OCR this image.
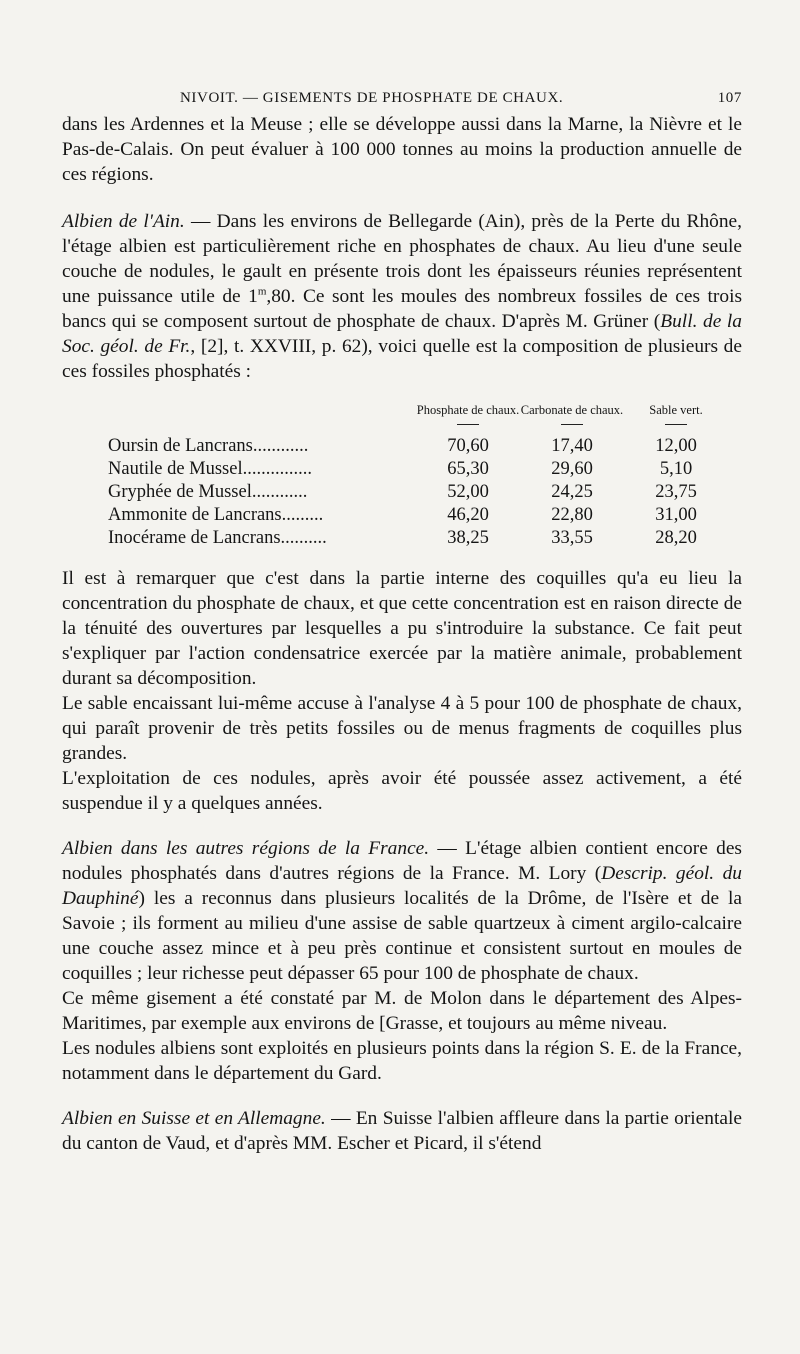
NIVOIT. — GISEMENTS DE PHOSPHATE DE CHAUX.	107

dans les Ardennes et la Meuse ; elle se développe aussi dans la Marne, la Nièvre et le Pas-de-Calais. On peut évaluer à 100 000 tonnes au moins la production annuelle de ces régions.

Albien de l'Ain. — Dans les environs de Bellegarde (Ain), près de la Perte du Rhône, l'étage albien est particulièrement riche en phosphates de chaux. Au lieu d'une seule couche de nodules, le gault en présente trois dont les épaisseurs réunies représentent une puissance utile de 1$^m$,80. Ce sont les moules des nombreux fossiles de ces trois bancs qui se composent surtout de phosphate de chaux. D'après M. Grüner (Bull. de la Soc. géol. de Fr., [2], t. XXVIII, p. 62), voici quelle est la composition de plusieurs de ces fossiles phosphatés :

	Phosphate de chaux.	Carbonate de chaux.	Sable vert.

Oursin de Lancrans............	70,60	17,40	12,00
Nautile de Mussel...............	65,30	29,60	5,10
Gryphée de Mussel............	52,00	24,25	23,75
Ammonite de Lancrans.........	46,20	22,80	31,00
Inocérame de Lancrans..........	38,25	33,55	28,20

Il est à remarquer que c'est dans la partie interne des coquilles qu'a eu lieu la concentration du phosphate de chaux, et que cette concentration est en raison directe de la ténuité des ouvertures par lesquelles a pu s'introduire la substance. Ce fait peut s'expliquer par l'action condensatrice exercée par la matière animale, probablement durant sa décomposition.

Le sable encaissant lui-même accuse à l'analyse 4 à 5 pour 100 de phosphate de chaux, qui paraît provenir de très petits fossiles ou de menus fragments de coquilles plus grandes.

L'exploitation de ces nodules, après avoir été poussée assez activement, a été suspendue il y a quelques années.

Albien dans les autres régions de la France. — L'étage albien contient encore des nodules phosphatés dans d'autres régions de la France. M. Lory (Descrip. géol. du Dauphiné) les a reconnus dans plusieurs localités de la Drôme, de l'Isère et de la Savoie ; ils forment au milieu d'une assise de sable quartzeux à ciment argilo-calcaire une couche assez mince et à peu près continue et consistent surtout en moules de coquilles ; leur richesse peut dépasser 65 pour 100 de phosphate de chaux.

Ce même gisement a été constaté par M. de Molon dans le département des Alpes-Maritimes, par exemple aux environs de [Grasse, et toujours au même niveau.

Les nodules albiens sont exploités en plusieurs points dans la région S. E. de la France, notamment dans le département du Gard.

Albien en Suisse et en Allemagne. — En Suisse l'albien affleure dans la partie orientale du canton de Vaud, et d'après MM. Escher et Picard, il s'étend
